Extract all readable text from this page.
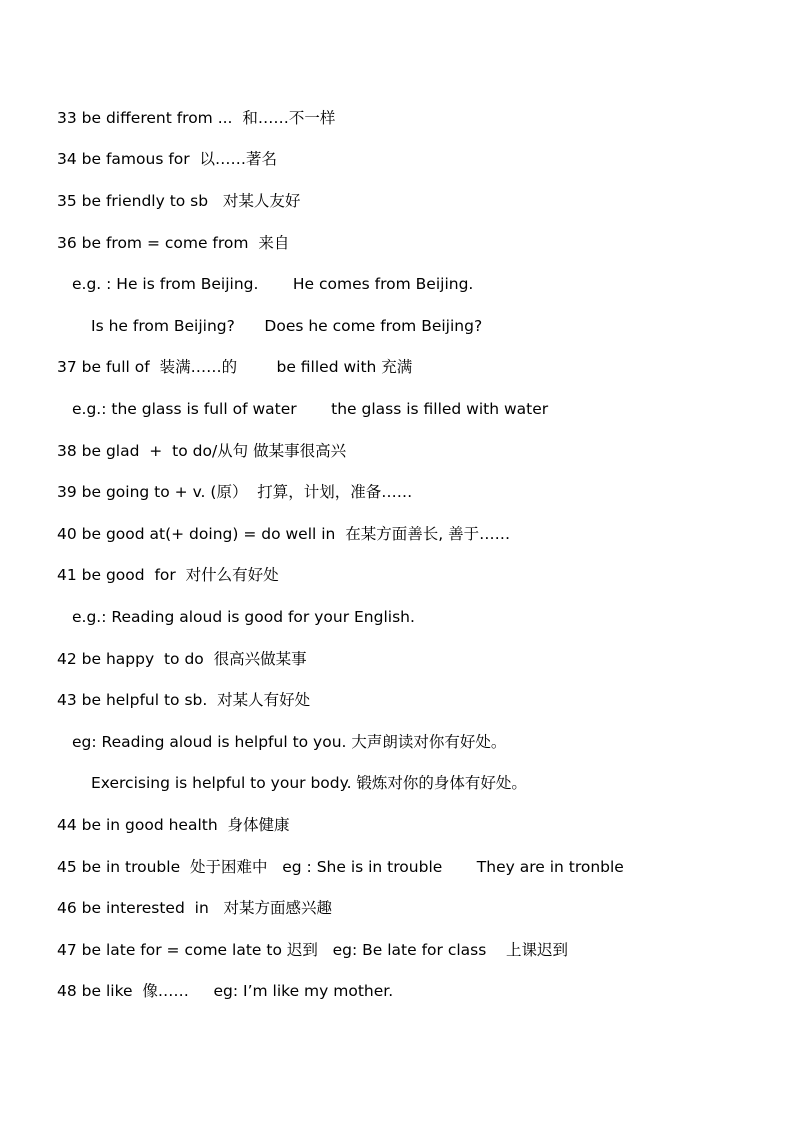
33 be different from ...  和……不一样
34 be famous for  以……著名
35 be friendly to sb   对某人友好
36 be from = come from  来自
e.g. : He is from Beijing.       He comes from Beijing.
Is he from Beijing?      Does he come from Beijing?
37 be full of  装满……的        be filled with 充满
e.g.: the glass is full of water       the glass is filled with water
38 be glad  +  to do/从句 做某事很高兴
39 be going to + v. (原）  打算，计划，准备……
40 be good at(+ doing) = do well in  在某方面善长, 善于……
41 be good  for  对什么有好处
e.g.: Reading aloud is good for your English.
42 be happy  to do  很高兴做某事
43 be helpful to sb.  对某人有好处
eg: Reading aloud is helpful to you. 大声朗读对你有好处。
Exercising is helpful to your body. 锻炼对你的身体有好处。
44 be in good health  身体健康
45 be in trouble  处于困难中   eg : She is in trouble       They are in tronble
46 be interested  in   对某方面感兴趣
47 be late for = come late to 迟到   eg: Be late for class    上课迟到
48 be like  像……     eg: I’m like my mother.
